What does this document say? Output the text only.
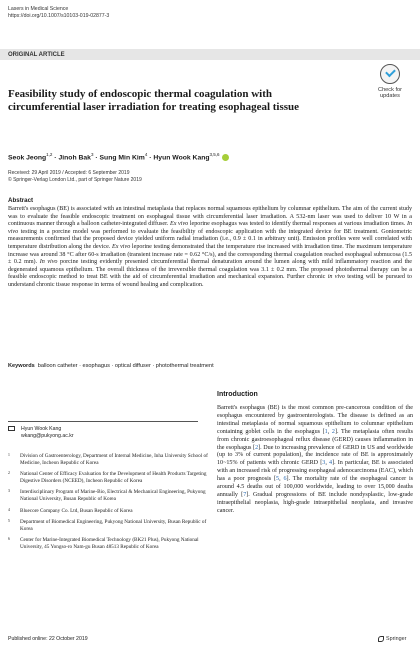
Lasers in Medical Science
https://doi.org/10.1007/s10103-019-02877-3
ORIGINAL ARTICLE
Check for
updates
Feasibility study of endoscopic thermal coagulation with circumferential laser irradiation for treating esophageal tissue
Seok Jeong$^{1,2}$ · Jinoh Bak$^3$ · Sung Min Kim$^4$ · Hyun Wook Kang$^{3,5,6}$
Received: 29 April 2019 / Accepted: 6 September 2019
© Springer-Verlag London Ltd., part of Springer Nature 2019
Abstract

Barrett's esophagus (BE) is associated with an intestinal metaplasia that replaces normal squamous epithelium by columnar epithelium. The aim of the current study was to evaluate the feasible endoscopic treatment on esophageal tissue with circumferential laser irradiation. A 532-nm laser was used to deliver 10 W in a continuous manner through a balloon catheter-integrated diffuser. Ex vivo leporine esophagus was tested to identify thermal responses at various irradiation times. In vivo testing in a porcine model was performed to evaluate the feasibility of endoscopic application with the integrated device for BE treatment. Goniometric measurements confirmed that the proposed device yielded uniform radial irradiation (i.e., 0.9 ± 0.1 in arbitrary unit). Emission profiles were well correlated with temperature distribution along the device. Ex vivo leporine testing demonstrated that the temperature rise increased with irradiation time. The maximum temperature increase was around 38 °C after 60-s irradiation (transient increase rate = 0.62 °C/s), and the corresponding thermal coagulation reached esophageal submucosa (1.5 ± 0.2 mm). In vivo porcine testing evidently presented circumferential thermal denaturation around the lumen along with mild inflammatory reaction and the degenerated squamous epithelium. The overall thickness of the irreversible thermal coagulation was 3.1 ± 0.2 mm. The proposed photothermal therapy can be a feasible endoscopic method to treat BE with the aid of circumferential irradiation and mechanical expansion. Further chronic in vivo testing will be pursued to understand chronic tissue response in terms of wound healing and complication.

Keywords balloon catheter · esophagus · optical diffuser · photothermal treatment
Introduction

Barrett's esophagus (BE) is the most common pre-cancerous condition of the esophagus encountered by gastroenterologists. The disease is defined as an intestinal metaplasia of normal squamous epithelium to columnar epithelium containing goblet cells in the esophagus [1, 2]. The metaplasia often results from chronic gastroesophageal reflux disease (GERD) causes inflammation in the esophagus [2]. Due to increasing prevalence of GERD in US and worldwide (up to 3% of current population), the incidence rate of BE is approximately 10~15% of patients with chronic GERD [3, 4]. In particular, BE is associated with an increased risk of progressing esophageal adenocarcinoma (EAC), which has a poor prognosis [5, 6]. The mortality rate of the esophageal cancer is around 4.5 deaths out of 100,000 worldwide, leading to over 15,000 deaths annually [7]. Gradual progressions of BE include nondysplastic, low-grade intraepithelial neoplasia, high-grade intraepithelial neoplasia, and invasive cancer.

Hyun Wook Kang
wkang@pukyong.ac.kr
1 Division of Gastroenterology, Department of Internal Medicine, Inha University School of Medicine, Incheon Republic of Korea
2 National Center of Efficacy Evaluation for the Development of Health Products Targeting Digestive Disorders (NCEED), Incheon Republic of Korea
3 Interdisciplinary Program of Marine-Bio, Electrical & Mechanical Engineering, Pukyong National University, Busan Republic of Korea
4 Bluecore Company Co. Ltd, Busan Republic of Korea
5 Department of Biomedical Engineering, Pukyong National University, Busan Republic of Korea
6 Center for Marine-Integrated Biomedical Technology (BK21 Plus), Pukyong National University, 45 Yongso-ro Nam-gu Busan 48513 Republic of Korea
Published online: 22 October 2019	Springer
